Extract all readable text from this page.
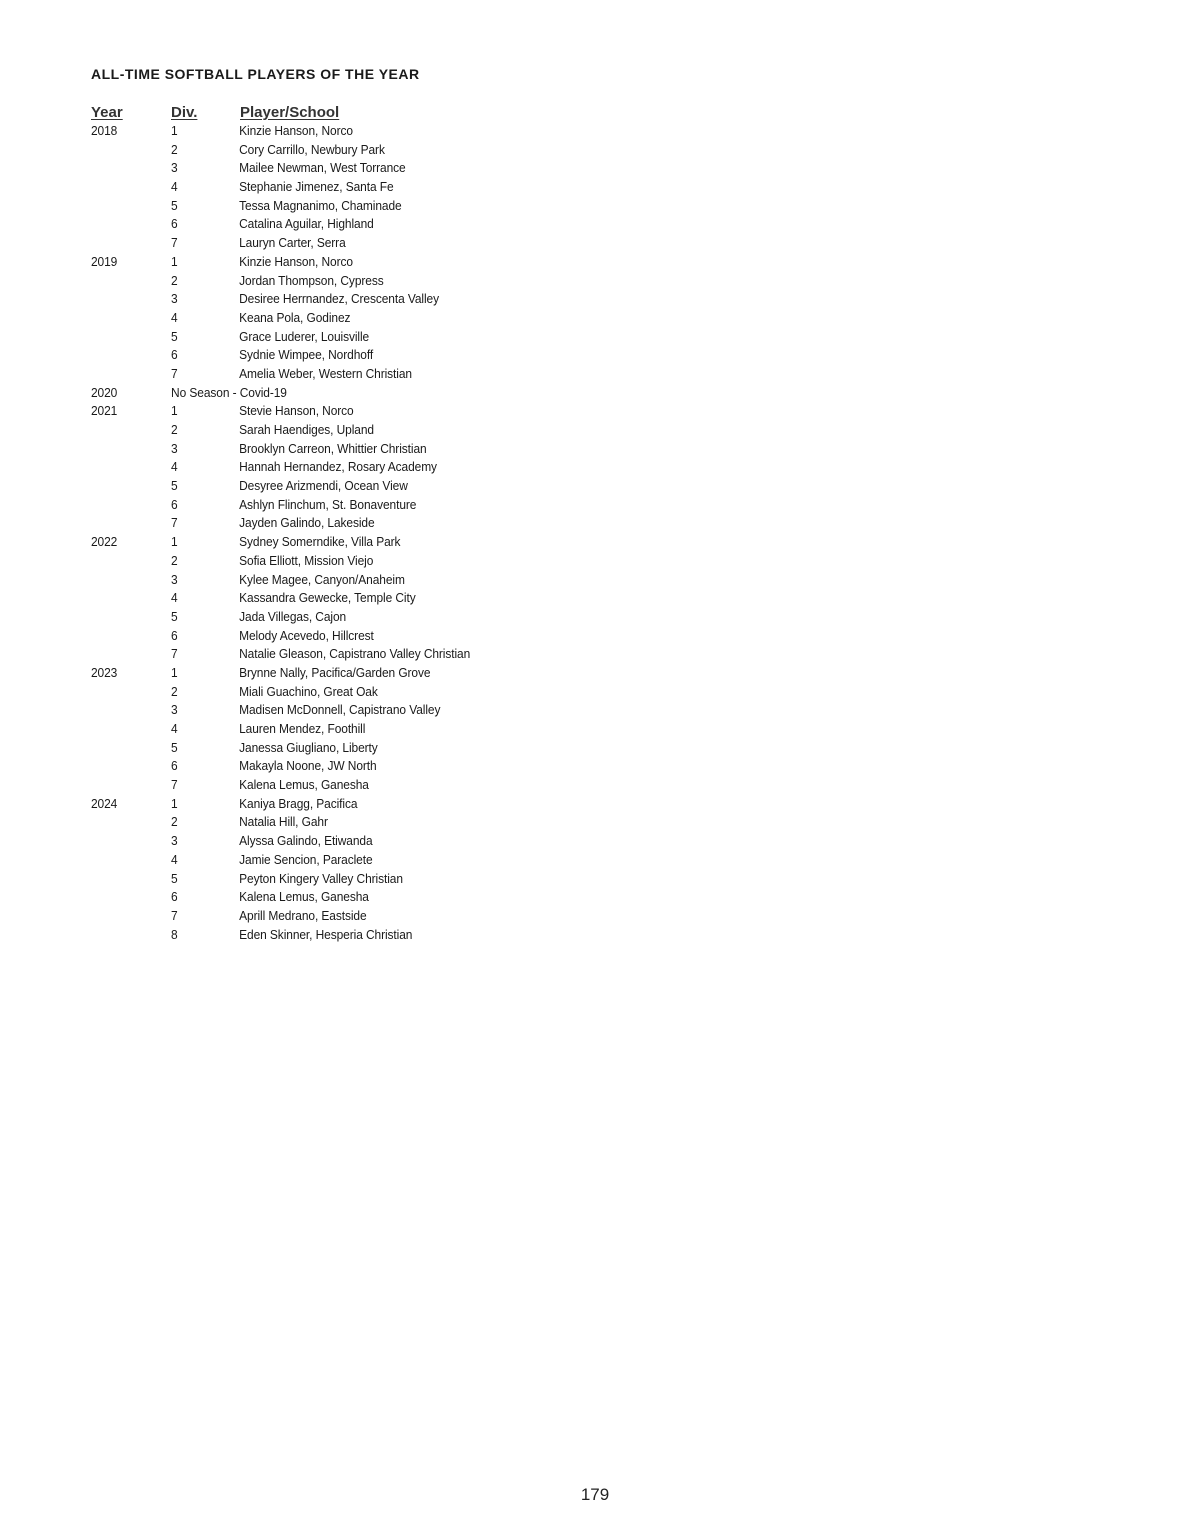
ALL-TIME SOFTBALL PLAYERS OF THE YEAR
Year	Div.	Player/School
2018	1	Kinzie Hanson, Norco
2	Cory Carrillo, Newbury Park
3	Mailee Newman, West Torrance
4	Stephanie Jimenez, Santa Fe
5	Tessa Magnanimo, Chaminade
6	Catalina Aguilar, Highland
7	Lauryn Carter, Serra
2019	1	Kinzie Hanson, Norco
2	Jordan Thompson, Cypress
3	Desiree Herrnandez, Crescenta Valley
4	Keana Pola, Godinez
5	Grace Luderer, Louisville
6	Sydnie Wimpee, Nordhoff
7	Amelia Weber, Western Christian
2020	No Season - Covid-19
2021	1	Stevie Hanson, Norco
2	Sarah Haendiges, Upland
3	Brooklyn Carreon, Whittier Christian
4	Hannah Hernandez, Rosary Academy
5	Desyree Arizmendi, Ocean View
6	Ashlyn Flinchum, St. Bonaventure
7	Jayden Galindo, Lakeside
2022	1	Sydney Somerndike, Villa Park
2	Sofia Elliott, Mission Viejo
3	Kylee Magee, Canyon/Anaheim
4	Kassandra Gewecke, Temple City
5	Jada Villegas, Cajon
6	Melody Acevedo, Hillcrest
7	Natalie Gleason, Capistrano Valley Christian
2023	1	Brynne Nally, Pacifica/Garden Grove
2	Miali Guachino, Great Oak
3	Madisen McDonnell, Capistrano Valley
4	Lauren Mendez, Foothill
5	Janessa Giugliano, Liberty
6	Makayla Noone, JW North
7	Kalena Lemus, Ganesha
2024	1	Kaniya Bragg, Pacifica
2	Natalia Hill, Gahr
3	Alyssa Galindo, Etiwanda
4	Jamie Sencion, Paraclete
5	Peyton Kingery Valley Christian
6	Kalena Lemus, Ganesha
7	Aprill Medrano, Eastside
8	Eden Skinner, Hesperia Christian
179
